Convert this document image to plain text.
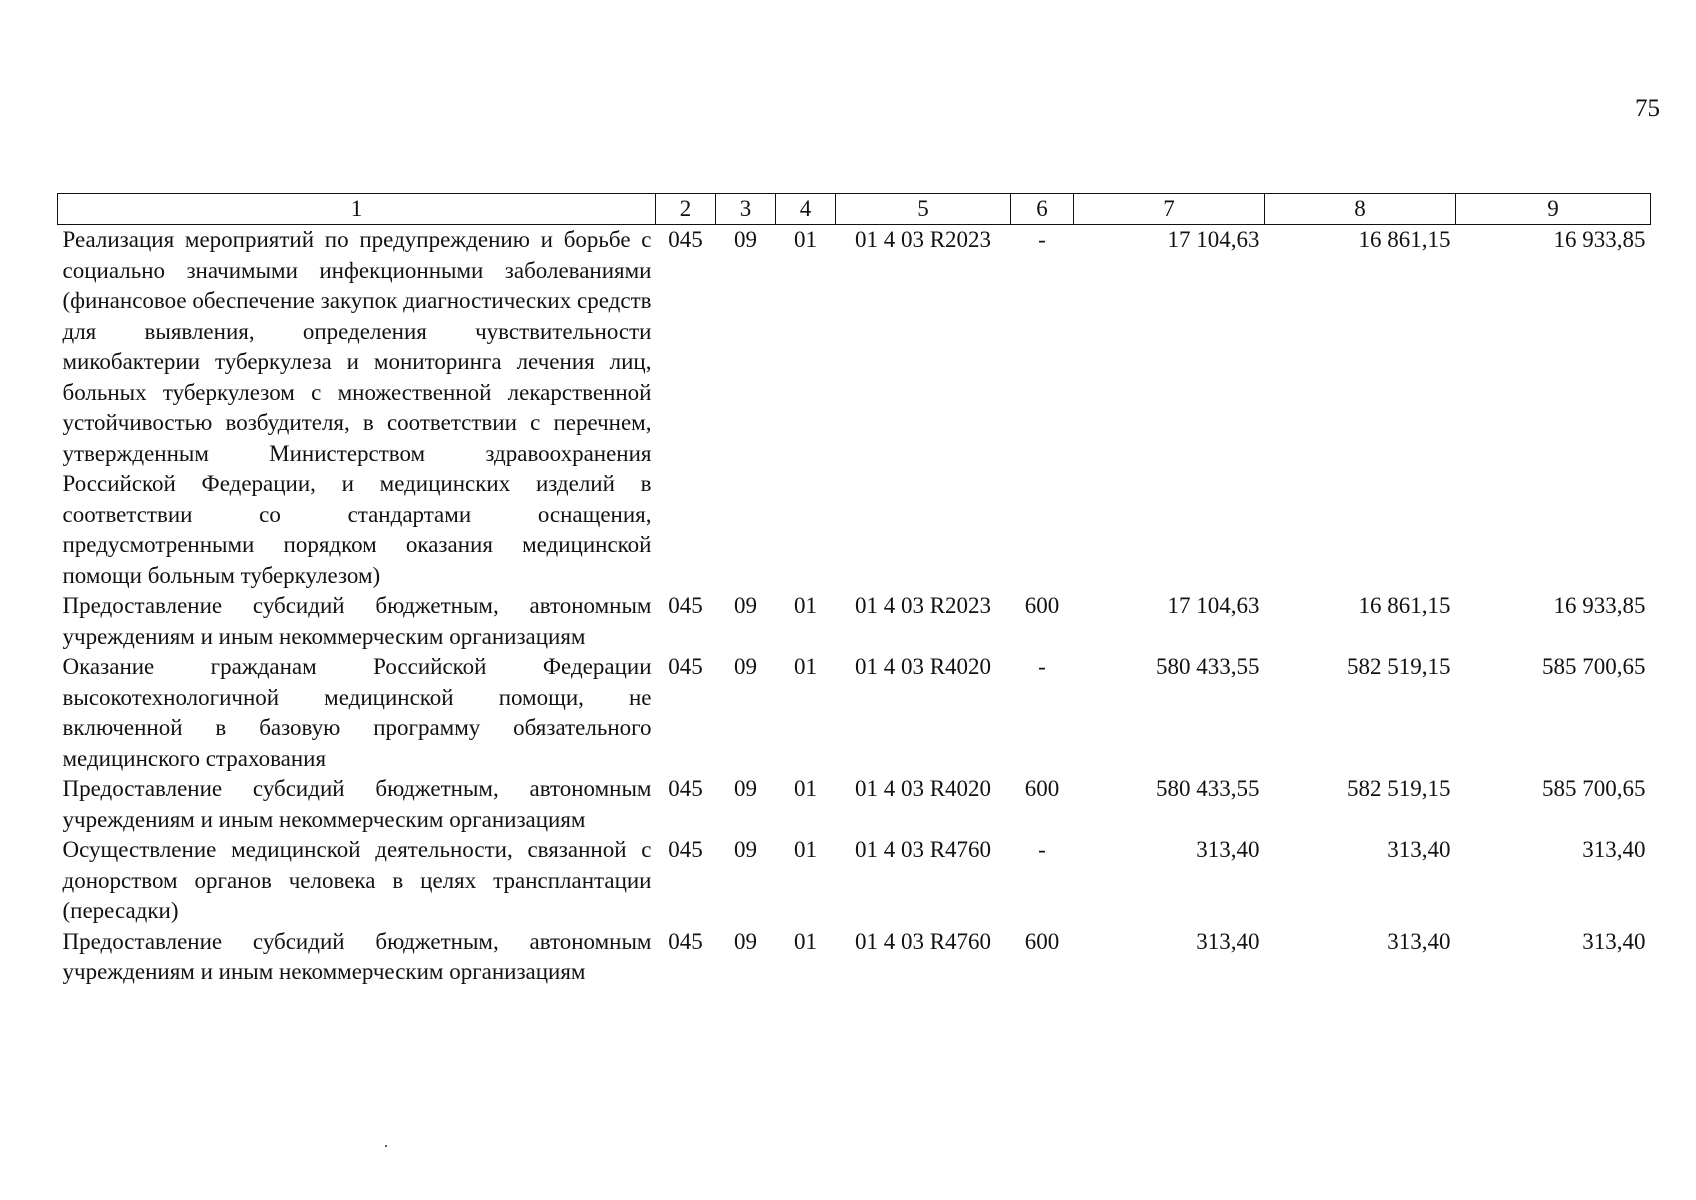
75
1	2	3	4	5	6	7	8	9
Реализация мероприятий по предупреждению и борьбе с социально значимыми инфекционными заболеваниями (финансовое обеспечение закупок диагностических средств для выявления, определения чувствительности микобактерии туберкулеза и мониторинга лечения лиц, больных туберкулезом с множественной лекарственной устойчивостью возбудителя, в соответствии с перечнем, утвержденным Министерством здравоохранения Российской Федерации, и медицинских изделий в соответствии со стандартами оснащения, предусмотренными порядком оказания медицинской помощи больным туберкулезом)	045	09	01	01 4 03 R2023	-	17 104,63	16 861,15	16 933,85
Предоставление субсидий бюджетным, автономным учреждениям и иным некоммерческим организациям	045	09	01	01 4 03 R2023	600	17 104,63	16 861,15	16 933,85
Оказание гражданам Российской Федерации высокотехнологичной медицинской помощи, не включенной в базовую программу обязательного медицинского страхования	045	09	01	01 4 03 R4020	-	580 433,55	582 519,15	585 700,65
Предоставление субсидий бюджетным, автономным учреждениям и иным некоммерческим организациям	045	09	01	01 4 03 R4020	600	580 433,55	582 519,15	585 700,65
Осуществление медицинской деятельности, связанной с донорством органов человека в целях трансплантации (пересадки)	045	09	01	01 4 03 R4760	-	313,40	313,40	313,40
Предоставление субсидий бюджетным, автономным учреждениям и иным некоммерческим организациям	045	09	01	01 4 03 R4760	600	313,40	313,40	313,40
